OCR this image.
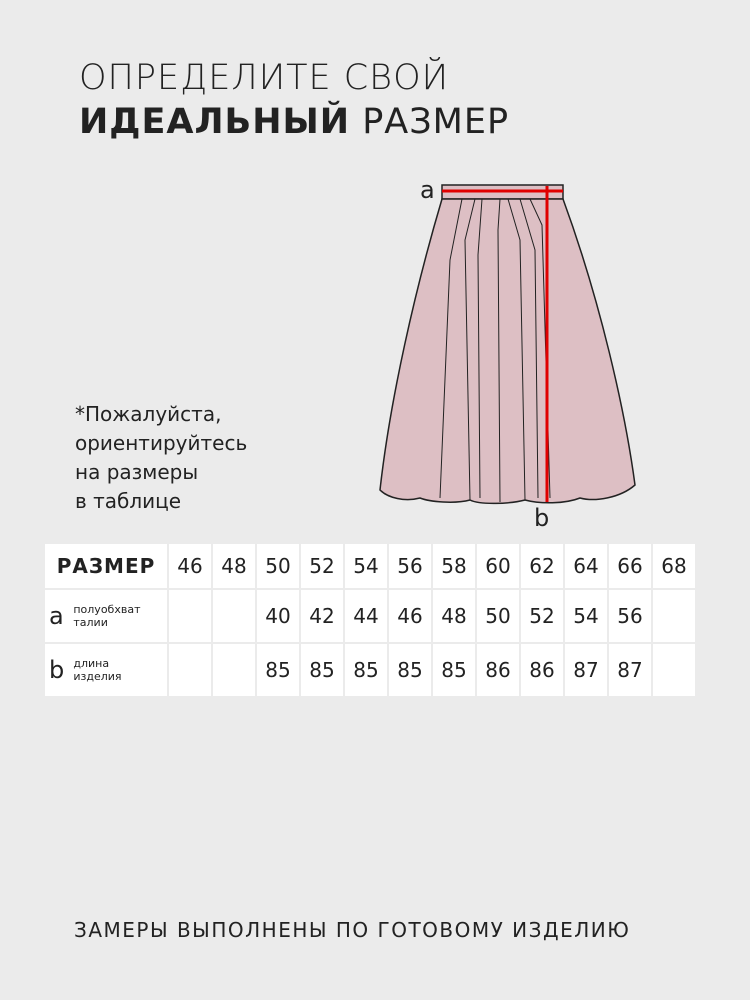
ОПРЕДЕЛИТЕ СВОЙ
ИДЕАЛЬНЫЙ РАЗМЕР
a
b
*Пожалуйста,
ориентируйтесь
на размеры
в таблице
РАЗМЕР	46	48	50	52	54	56	58	60	62	64	66	68
a полуобхват
талии			40	42	44	46	48	50	52	54	56	
b длина
изделия			85	85	85	85	85	86	86	87	87	
ЗАМЕРЫ ВЫПОЛНЕНЫ ПО ГОТОВОМУ ИЗДЕЛИЮ
